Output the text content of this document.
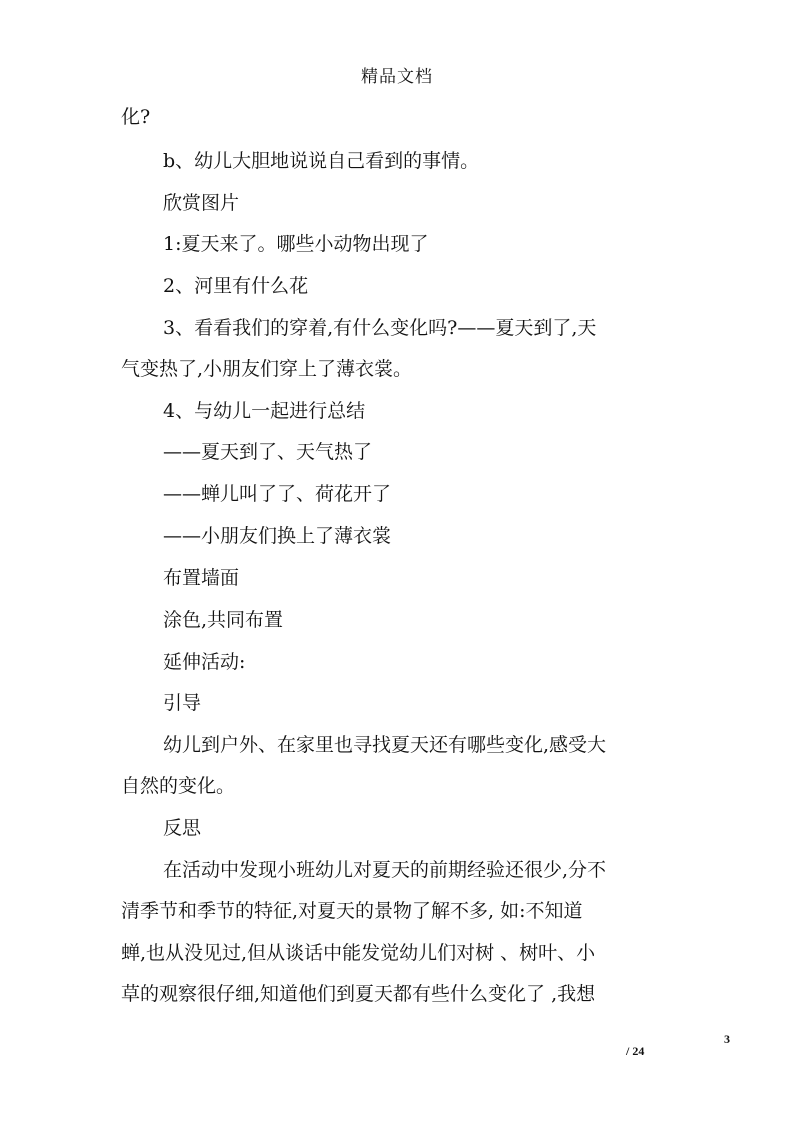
精品文档
化?
b、幼儿大胆地说说自己看到的事情。
欣赏图片
1:夏天来了。哪些小动物出现了
2、河里有什么花
3、看看我们的穿着,有什么变化吗?——夏天到了,天
气变热了,小朋友们穿上了薄衣裳。
4、与幼儿一起进行总结
——夏天到了、天气热了
——蝉儿叫了了、荷花开了
——小朋友们换上了薄衣裳
布置墙面
涂色,共同布置
延伸活动:
引导
幼儿到户外、在家里也寻找夏天还有哪些变化,感受大
自然的变化。
反思
在活动中发现小班幼儿对夏天的前期经验还很少,分不
清季节和季节的特征,对夏天的景物了解不多, 如:不知道
蝉,也从没见过,但从谈话中能发觉幼儿们对树 、树叶、小
草的观察很仔细,知道他们到夏天都有些什么变化了 ,我想
3
/ 24
